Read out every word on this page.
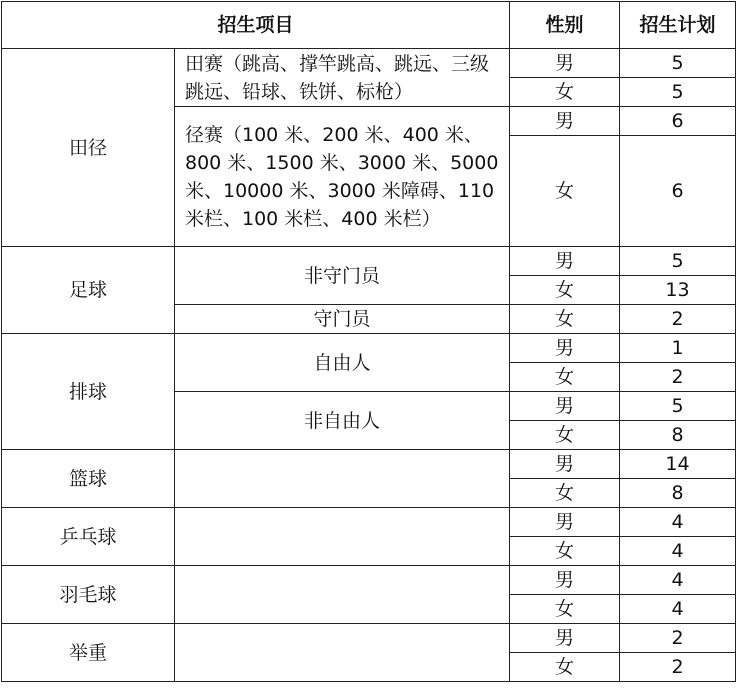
招生项目		性别	招生计划
田径	田赛（跳高、撑竿跳高、跳远、三级跳远、铅球、铁饼、标枪）	男	5
		女	5
	径赛（100 米、200 米、400 米、800 米、1500 米、3000 米、5000 米、10000 米、3000 米障碍、110 米栏、100 米栏、400 米栏）	男	6
		女	6
足球	非守门员	男	5
		女	13
	守门员	女	2
排球	自由人	男	1
		女	2
	非自由人	男	5
		女	8
篮球		男	14
		女	8
乒乓球		男	4
		女	4
羽毛球		男	4
		女	4
举重		男	2
		女	2
